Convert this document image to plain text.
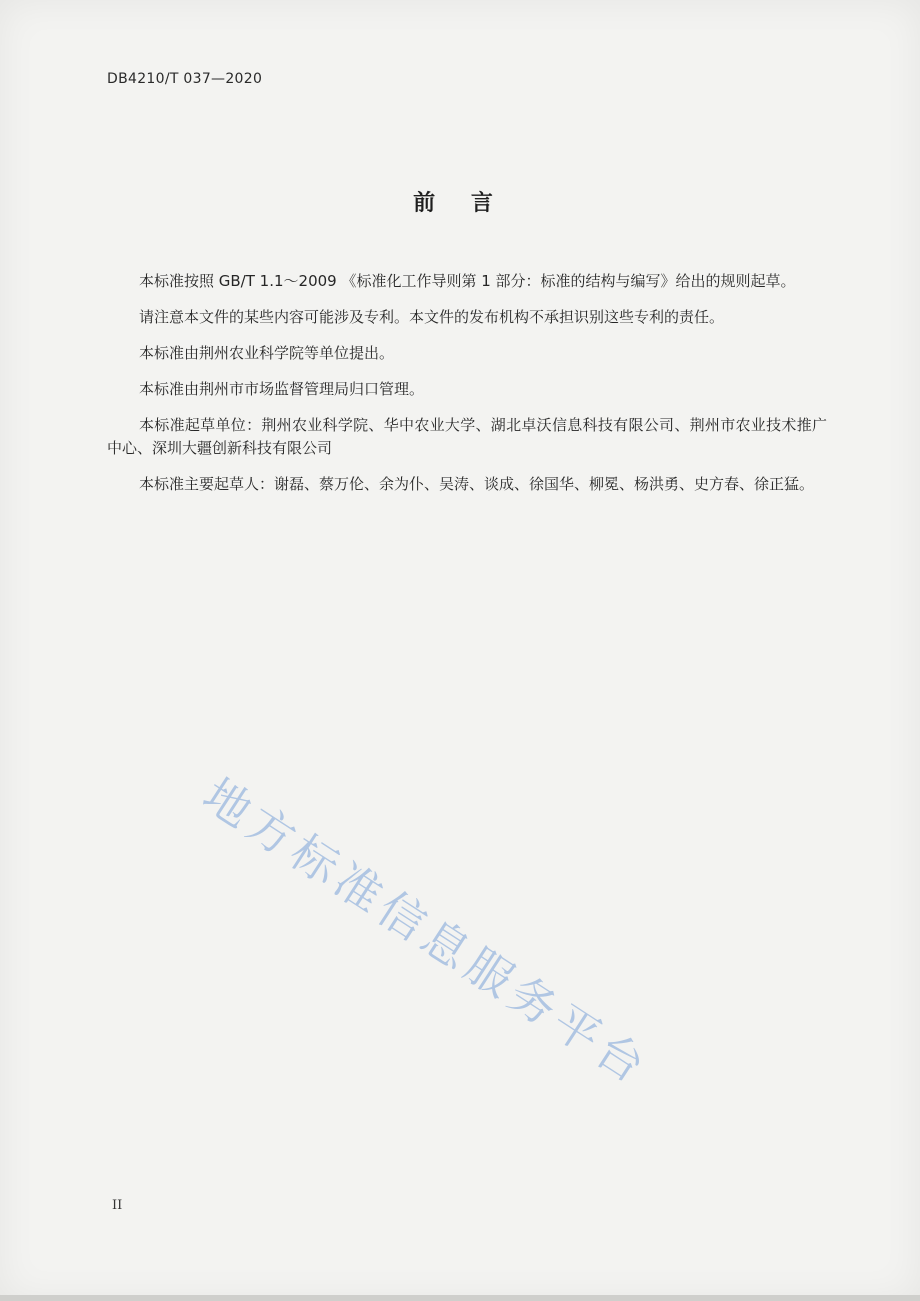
DB4210/T 037—2020
前 言

本标准按照 GB/T 1.1～2009 《标准化工作导则第 1 部分：标准的结构与编写》给出的规则起草。

请注意本文件的某些内容可能涉及专利。本文件的发布机构不承担识别这些专利的责任。

本标准由荆州农业科学院等单位提出。

本标准由荆州市市场监督管理局归口管理。

本标准起草单位：荆州农业科学院、华中农业大学、湖北卓沃信息科技有限公司、荆州市农业技术推广中心、深圳大疆创新科技有限公司

本标准主要起草人：谢磊、蔡万伦、余为仆、吴涛、谈成、徐国华、柳冕、杨洪勇、史方春、徐正猛。

地方标准信息服务平台
II
